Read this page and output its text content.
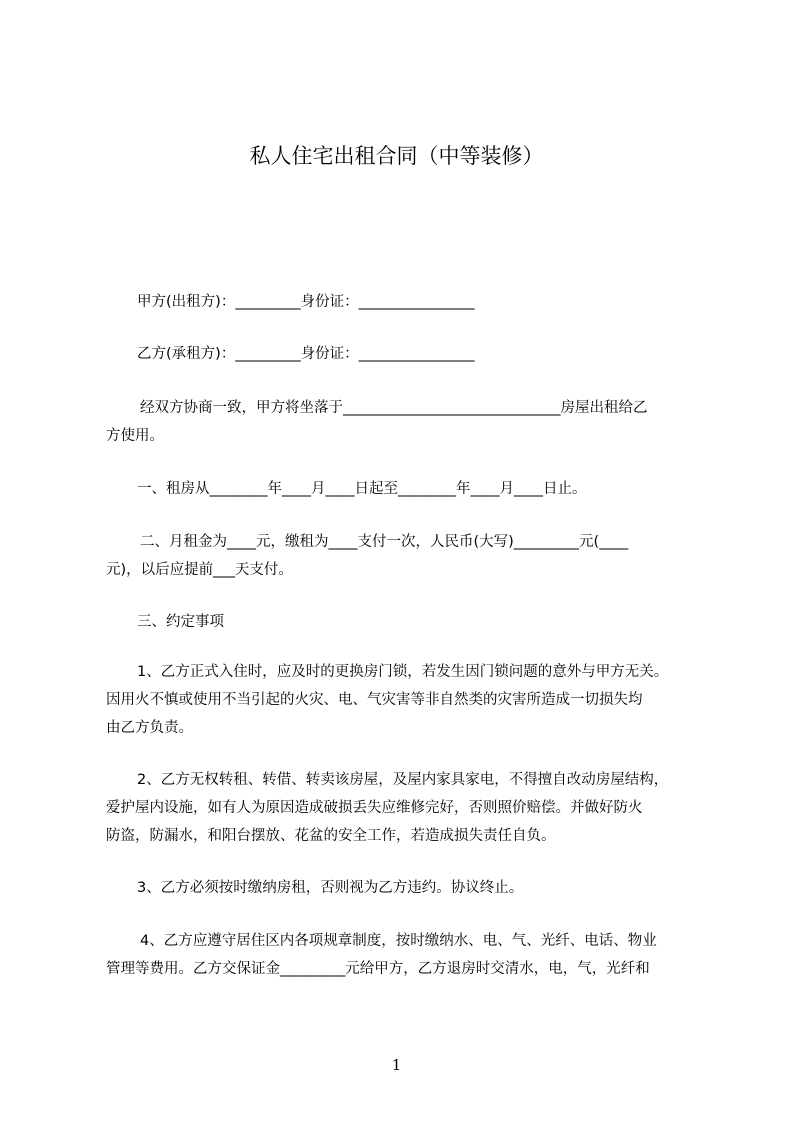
私人住宅出租合同（中等装修）
甲方(出租方)：_________身份证：________________
乙方(承租方)：_________身份证：________________
经双方协商一致，甲方将坐落于______________________________房屋出租给乙
方使用。
一、租房从________年____月____日起至________年____月____日止。
二、月租金为____元，缴租为____支付一次，人民币(大写)_________元(____
元)，以后应提前___天支付。
三、约定事项
1、乙方正式入住时，应及时的更换房门锁，若发生因门锁问题的意外与甲方无关。
因用火不慎或使用不当引起的火灾、电、气灾害等非自然类的灾害所造成一切损失均
由乙方负责。
2、乙方无权转租、转借、转卖该房屋，及屋内家具家电，不得擅自改动房屋结构，
爱护屋内设施，如有人为原因造成破损丢失应维修完好，否则照价赔偿。并做好防火
防盗，防漏水，和阳台摆放、花盆的安全工作，若造成损失责任自负。
3、乙方必须按时缴纳房租，否则视为乙方违约。协议终止。
4、乙方应遵守居住区内各项规章制度，按时缴纳水、电、气、光纤、电话、物业
管理等费用。乙方交保证金_________元给甲方，乙方退房时交清水，电，气，光纤和
1
